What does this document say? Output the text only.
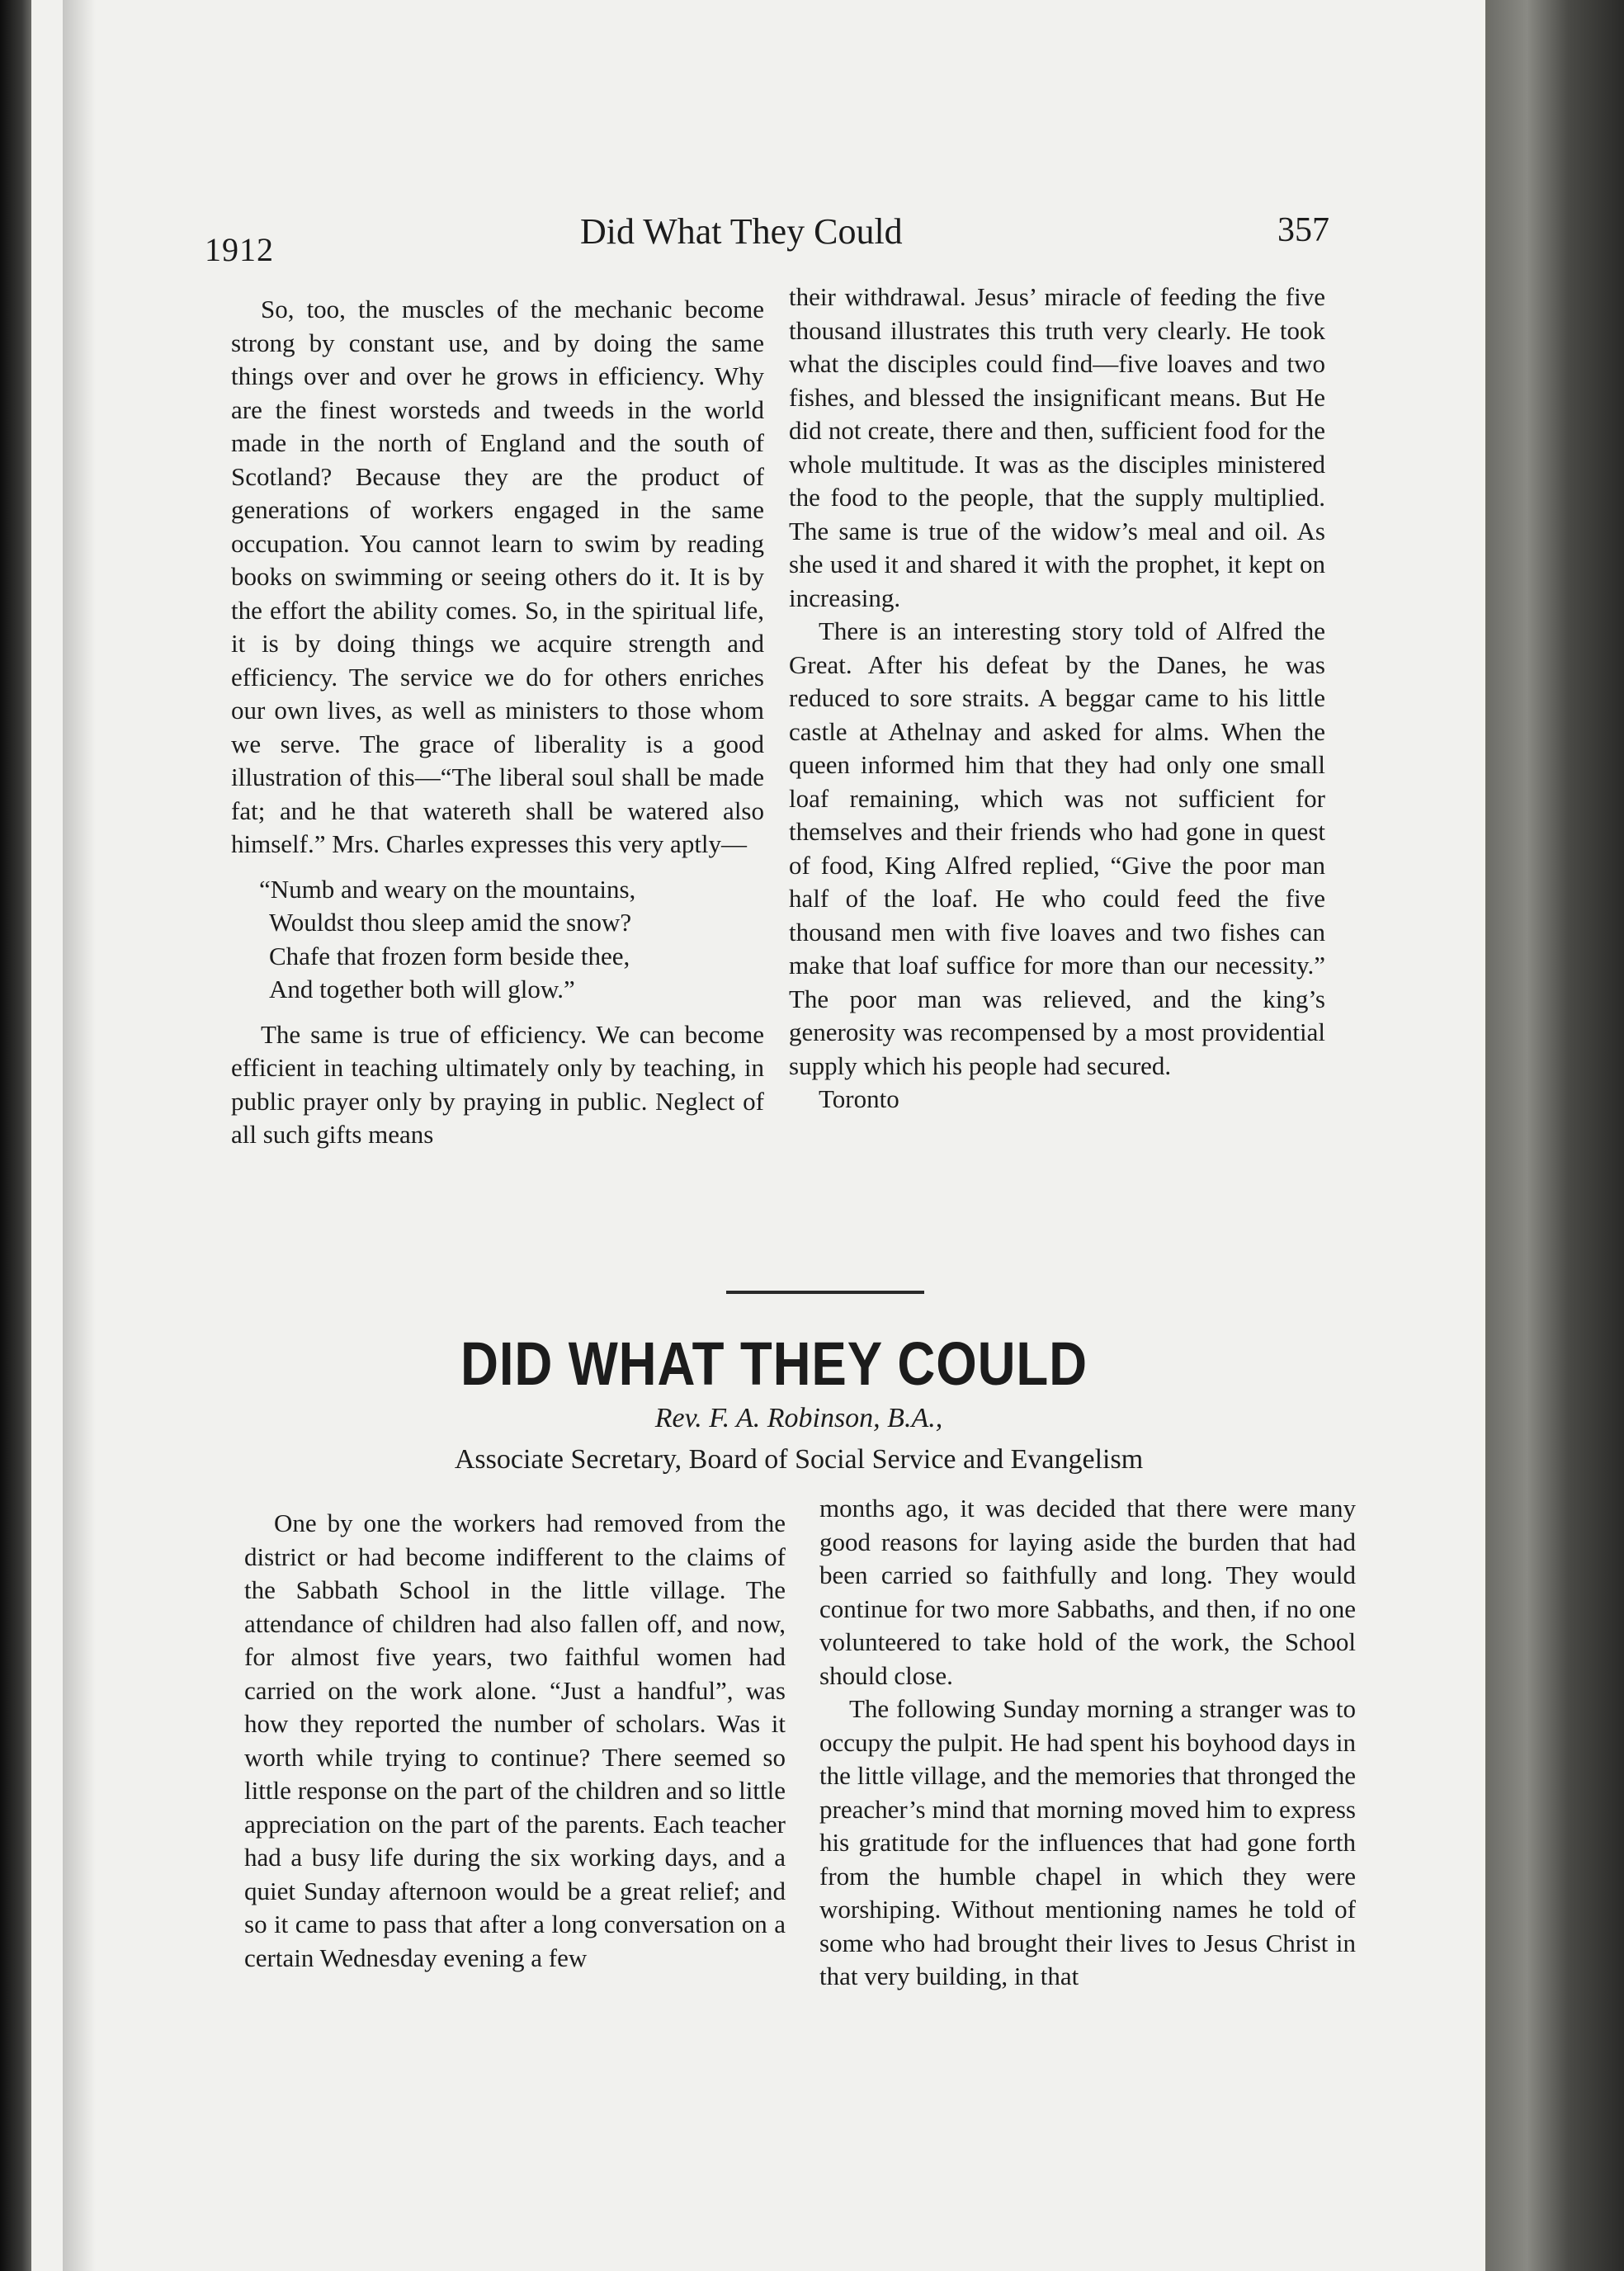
1912	Did What They Could	357

So, too, the muscles of the mechanic become strong by constant use, and by doing the same things over and over he grows in efficiency. Why are the finest worsteds and tweeds in the world made in the north of England and the south of Scotland? Because they are the product of generations of workers engaged in the same occupation. You cannot learn to swim by reading books on swimming or seeing others do it. It is by the effort the ability comes. So, in the spiritual life, it is by doing things we acquire strength and efficiency. The service we do for others enriches our own lives, as well as ministers to those whom we serve. The grace of liberality is a good illustration of this—“The liberal soul shall be made fat; and he that watereth shall be watered also himself.” Mrs. Charles expresses this very aptly—

“Numb and weary on the mountains,
Wouldst thou sleep amid the snow?
Chafe that frozen form beside thee,
And together both will glow.”

The same is true of efficiency. We can become efficient in teaching ultimately only by teaching, in public prayer only by praying in public. Neglect of all such gifts means

their withdrawal. Jesus’ miracle of feeding the five thousand illustrates this truth very clearly. He took what the disciples could find—five loaves and two fishes, and blessed the insignificant means. But He did not create, there and then, sufficient food for the whole multitude. It was as the disciples ministered the food to the people, that the supply multiplied. The same is true of the widow’s meal and oil. As she used it and shared it with the prophet, it kept on increasing.

There is an interesting story told of Alfred the Great. After his defeat by the Danes, he was reduced to sore straits. A beggar came to his little castle at Athelnay and asked for alms. When the queen informed him that they had only one small loaf remaining, which was not sufficient for themselves and their friends who had gone in quest of food, King Alfred replied, “Give the poor man half of the loaf. He who could feed the five thousand men with five loaves and two fishes can make that loaf suffice for more than our necessity.” The poor man was relieved, and the king’s generosity was recompensed by a most providential supply which his people had secured.

Toronto

DID WHAT THEY COULD
Rev. F. A. Robinson, B.A.,
Associate Secretary, Board of Social Service and Evangelism

One by one the workers had removed from the district or had become indifferent to the claims of the Sabbath School in the little village. The attendance of children had also fallen off, and now, for almost five years, two faithful women had carried on the work alone. “Just a handful”, was how they reported the number of scholars. Was it worth while trying to continue? There seemed so little response on the part of the children and so little appreciation on the part of the parents. Each teacher had a busy life during the six working days, and a quiet Sunday afternoon would be a great relief; and so it came to pass that after a long conversation on a certain Wednesday evening a few

months ago, it was decided that there were many good reasons for laying aside the burden that had been carried so faithfully and long. They would continue for two more Sabbaths, and then, if no one volunteered to take hold of the work, the School should close.

The following Sunday morning a stranger was to occupy the pulpit. He had spent his boyhood days in the little village, and the memories that thronged the preacher’s mind that morning moved him to express his gratitude for the influences that had gone forth from the humble chapel in which they were worshiping. Without mentioning names he told of some who had brought their lives to Jesus Christ in that very building, in that
